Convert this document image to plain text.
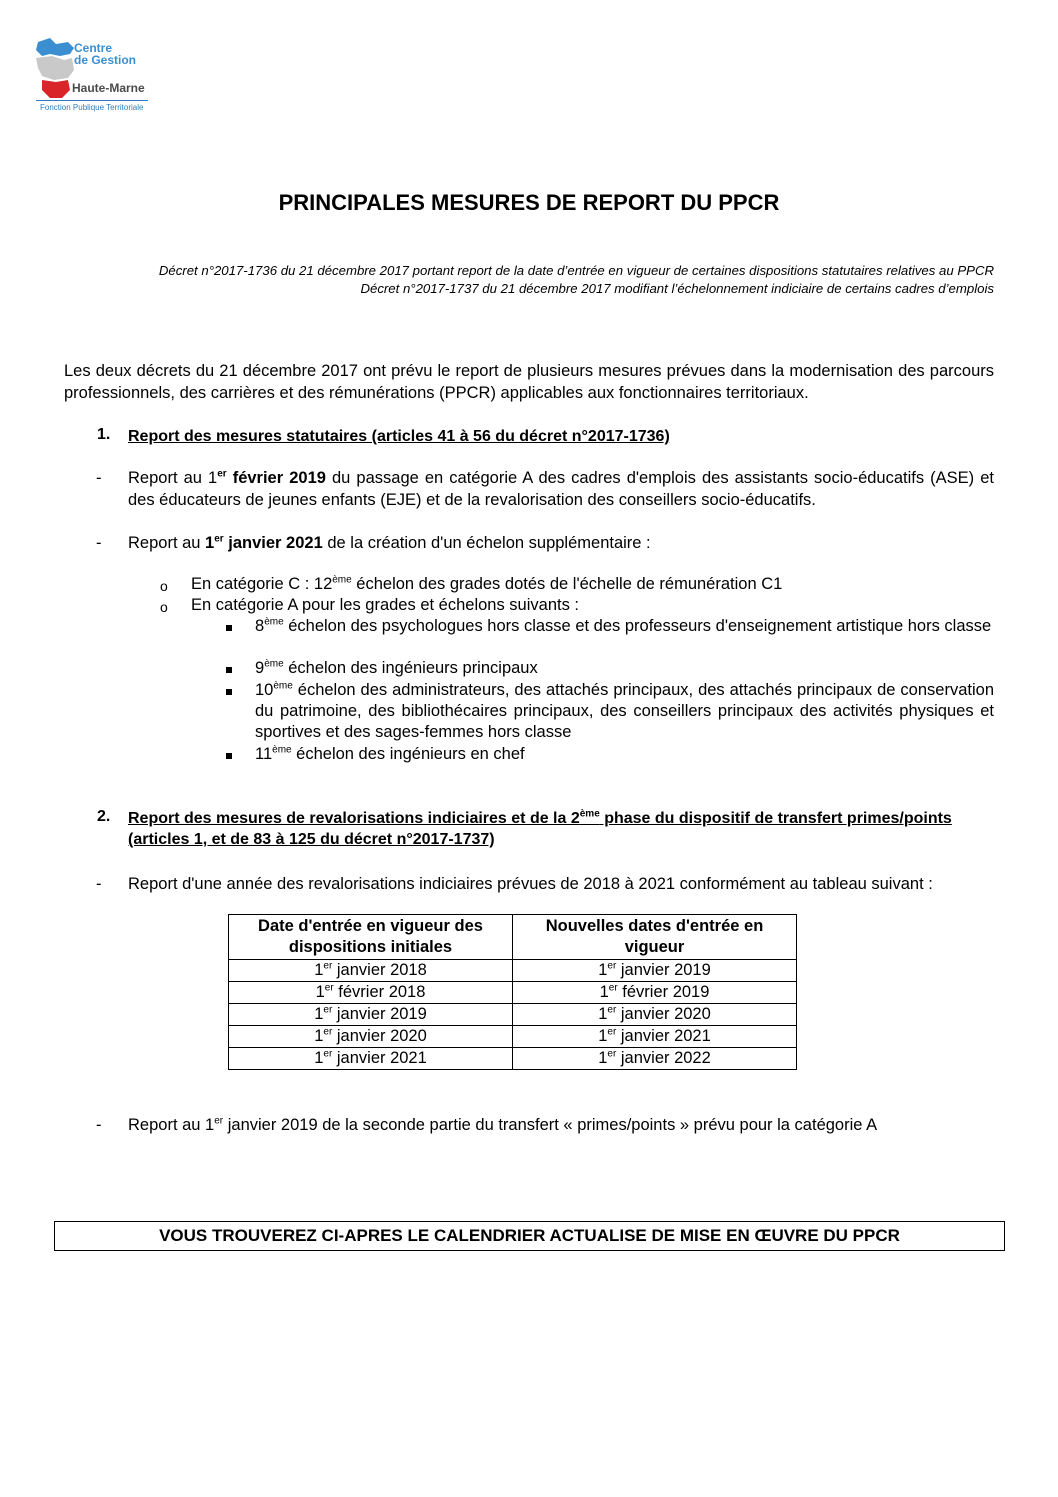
Centre
de Gestion
Haute-Marne
Fonction Publique Territoriale
PRINCIPALES MESURES DE REPORT DU PPCR
Décret n°2017-1736 du 21 décembre 2017 portant report de la date d’entrée en vigueur de certaines dispositions statutaires relatives au PPCR
Décret n°2017-1737 du 21 décembre 2017 modifiant l’échelonnement indiciaire de certains cadres d’emplois
Les deux décrets du 21 décembre 2017 ont prévu le report de plusieurs mesures prévues dans la modernisation des parcours professionnels, des carrières et des rémunérations (PPCR) applicables aux fonctionnaires territoriaux.
1. Report des mesures statutaires (articles 41 à 56 du décret n°2017-1736)
- Report au 1er février 2019 du passage en catégorie A des cadres d'emplois des assistants socio-éducatifs (ASE) et des éducateurs de jeunes enfants (EJE) et de la revalorisation des conseillers socio-éducatifs.
- Report au 1er janvier 2021 de la création d'un échelon supplémentaire :
o En catégorie C : 12ème échelon des grades dotés de l'échelle de rémunération C1
o En catégorie A pour les grades et échelons suivants :
8ème échelon des psychologues hors classe et des professeurs d'enseignement artistique hors classe
9ème échelon des ingénieurs principaux
10ème échelon des administrateurs, des attachés principaux, des attachés principaux de conservation du patrimoine, des bibliothécaires principaux, des conseillers principaux des activités physiques et sportives et des sages-femmes hors classe
11ème échelon des ingénieurs en chef
2. Report des mesures de revalorisations indiciaires et de la 2ème phase du dispositif de transfert primes/points
(articles 1, et de 83 à 125 du décret n°2017-1737)
- Report d'une année des revalorisations indiciaires prévues de 2018 à 2021 conformément au tableau suivant :
Date d'entrée en vigueur des dispositions initiales	Nouvelles dates d'entrée en vigueur
1er janvier 2018	1er janvier 2019
1er février 2018	1er février 2019
1er janvier 2019	1er janvier 2020
1er janvier 2020	1er janvier 2021
1er janvier 2021	1er janvier 2022
- Report au 1er janvier 2019 de la seconde partie du transfert « primes/points » prévu pour la catégorie A
VOUS TROUVEREZ CI-APRES LE CALENDRIER ACTUALISE DE MISE EN ŒUVRE DU PPCR
